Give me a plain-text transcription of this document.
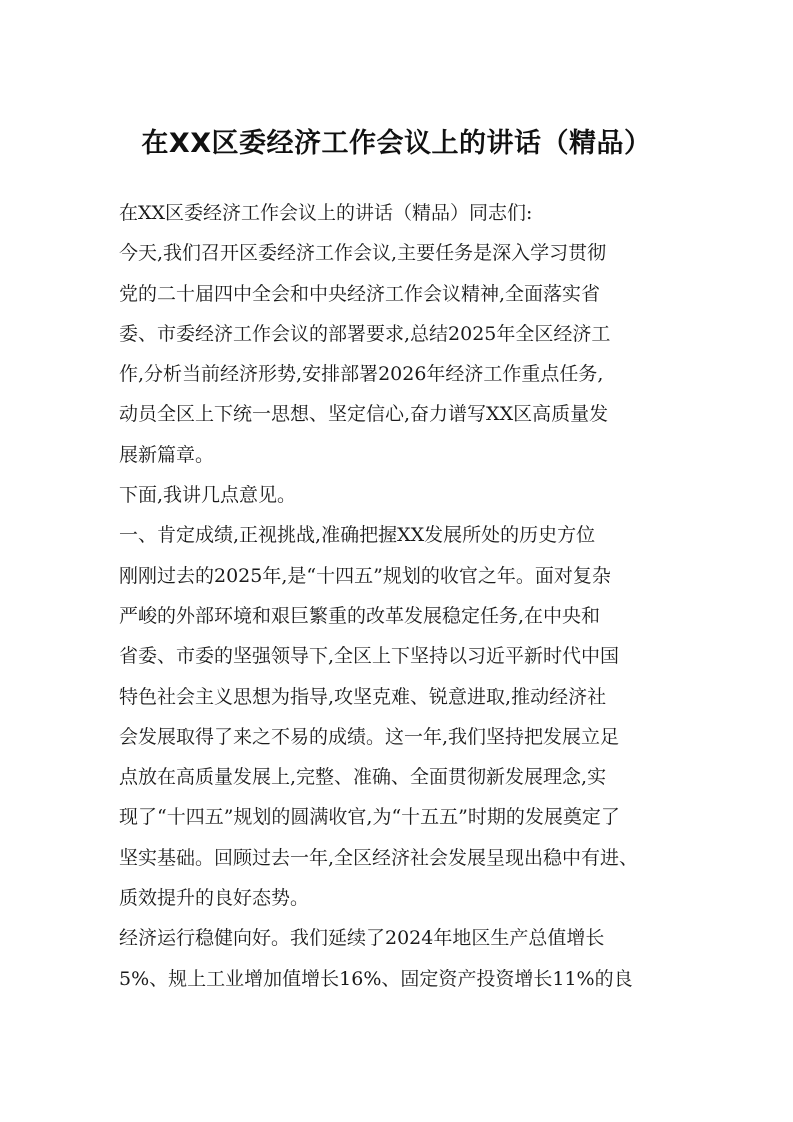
在XX区委经济工作会议上的讲话（精品）
在XX区委经济工作会议上的讲话（精品）同志们:
今天,我们召开区委经济工作会议,主要任务是深入学习贯彻
党的二十届四中全会和中央经济工作会议精神,全面落实省
委、市委经济工作会议的部署要求,总结2025年全区经济工
作,分析当前经济形势,安排部署2026年经济工作重点任务,
动员全区上下统一思想、坚定信心,奋力谱写XX区高质量发
展新篇章。
下面,我讲几点意见。
一、肯定成绩,正视挑战,准确把握XX发展所处的历史方位
刚刚过去的2025年,是“十四五”规划的收官之年。面对复杂
严峻的外部环境和艰巨繁重的改革发展稳定任务,在中央和
省委、市委的坚强领导下,全区上下坚持以习近平新时代中国
特色社会主义思想为指导,攻坚克难、锐意进取,推动经济社
会发展取得了来之不易的成绩。这一年,我们坚持把发展立足
点放在高质量发展上,完整、准确、全面贯彻新发展理念,实
现了“十四五”规划的圆满收官,为“十五五”时期的发展奠定了
坚实基础。回顾过去一年,全区经济社会发展呈现出稳中有进、
质效提升的良好态势。
经济运行稳健向好。我们延续了2024年地区生产总值增长
5%、规上工业增加值增长16%、固定资产投资增长11%的良
